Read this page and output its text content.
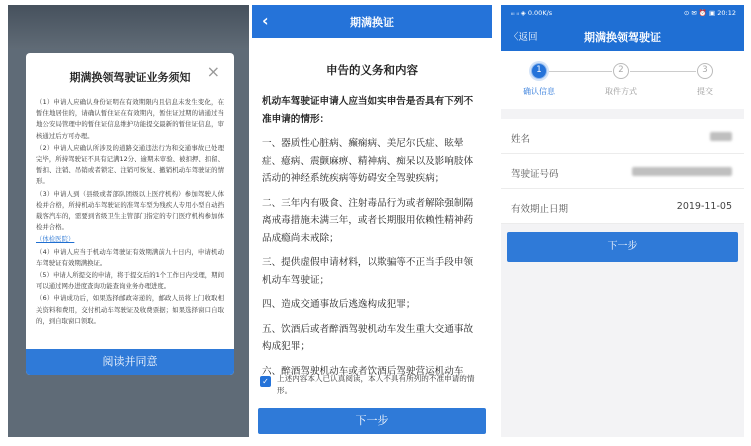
期满换领驾驶证业务须知	×

（1）申请人应确认身份证明在有效期限内且信息未发生变化，在暂住地居住的，请确认暂住证在有效期内，暂住证过期的请通过当地公安局管理中的暂住证信息维护功能提交最新的暂住证信息，审核通过后方可办理。

（2）申请人应确认所涉及的道路交通违法行为和交通事故已处理完毕，所持驾驶证不具有记满12分、逾期未审验、被扣押、扣留、暂扣、注销、吊销或者锁定、注销可恢复、撤销机动车驾驶证的情形。

（3）申请人到（县级或者部队团级以上医疗机构）参加驾驶人体检并合格，所持机动车驾驶证的准驾车型为残疾人专用小型自动挡载客汽车的，需要到省级卫生主管部门指定的专门医疗机构参加体检并合格。

（体检医院）

（4）申请人应当于机动车驾驶证有效期满前九十日内，申请机动车驾驶证有效期满换证。

（5）申请人所提交的申请，将于提交后的1个工作日内受理，期间可以通过网办进度查询功能查询业务办理进度。

（6）申请成功后，如果选择邮政寄递的，邮政人员将上门收取相关资料和费用，交付机动车驾驶证及收费票据；如果选择窗口自取的，到自取窗口领取。

阅读并同意
‹	期满换证
申告的义务和内容

机动车驾驶证申请人应当如实申告是否具有下列不准申请的情形：

一、器质性心脏病、癫痫病、美尼尔氏症、眩晕症、癔病、震颤麻痹、精神病、痴呆以及影响肢体活动的神经系统疾病等妨碍安全驾驶疾病；

二、三年内有吸食、注射毒品行为或者解除强制隔离戒毒措施未满三年，或者长期服用依赖性精神药品成瘾尚未戒除；

三、提供虚假申请材料，以欺骗等不正当手段申领机动车驾驶证；

四、造成交通事故后逃逸构成犯罪；

五、饮酒后或者醉酒驾驶机动车发生重大交通事故构成犯罪；

六、醉酒驾驶机动车或者饮酒后驾驶营运机动车

✓ 上述内容本人已认真阅读，本人不具有所列的不准申请的情形。
下一步
ᵢᵢₗ ᵢₗ ◈ 0.00K/s	⊙ ✉ ⏰ ▣ 20:12
〈返回	期满换领驾驶证
1	2	3
确认信息	取件方式	提交
姓名
驾驶证号码
有效期止日期	2019-11-05
下一步
